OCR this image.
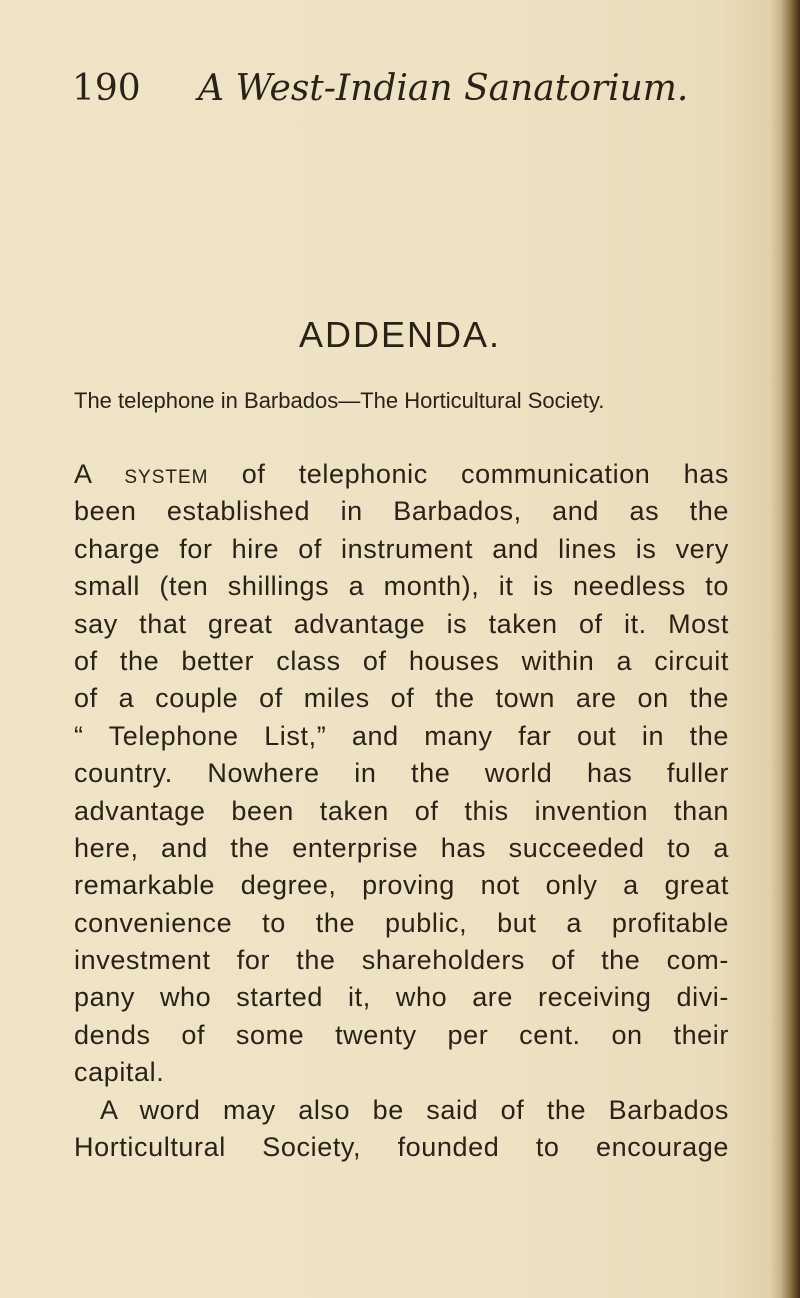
190 A West-Indian Sanatorium.
ADDENDA.
The telephone in Barbados—The Horticultural Society.
A system of telephonic communication has
been established in Barbados, and as the
charge for hire of instrument and lines is very
small (ten shillings a month), it is needless to
say that great advantage is taken of it. Most
of the better class of houses within a circuit
of a couple of miles of the town are on the
“ Telephone List,” and many far out in the
country. Nowhere in the world has fuller
advantage been taken of this invention than
here, and the enterprise has succeeded to a
remarkable degree, proving not only a great
convenience to the public, but a profitable
investment for the shareholders of the com-
pany who started it, who are receiving divi-
dends of some twenty per cent. on their
capital.
A word may also be said of the Barbados
Horticultural Society, founded to encourage
